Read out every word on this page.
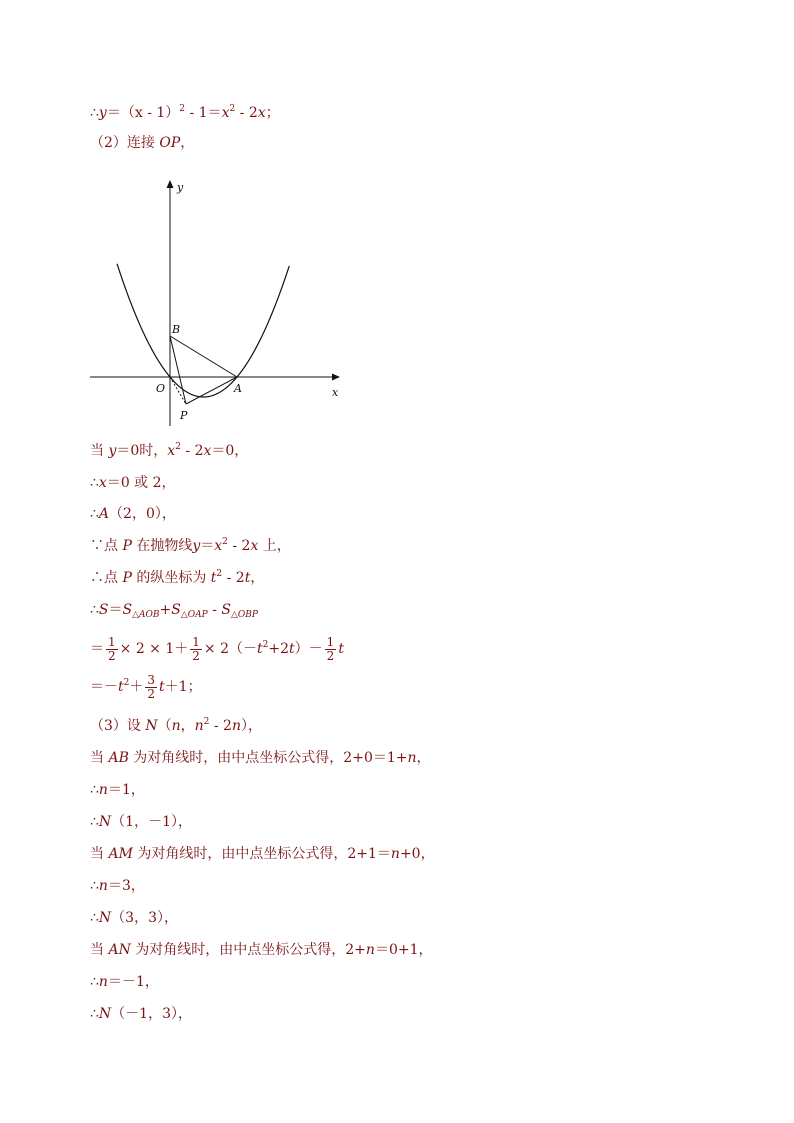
∴y＝（x - $1)^2 - 1=x^2 - 2x$；
（2）连接 OP，
y
x
B
O	A
P
当 y＝0时，$x^2 - 2x=0$，
∴x＝0 或 2，
∴A（2，0），
∵点 P 在抛物线$y=x^2 - 2x$ 上，
∴点 P 的纵坐标为 $t^2 - 2t$，
$\therefore S=S_{\triangle AOB}+S_{\triangle OAP} - S_{\triangle OBP}$
＝ $\frac{1}{2} \times 2 \times 1+ \frac{1}{2} \times 2(-t^2+2t)- \frac{1}{2}$ t
$=-t^2+ \frac{3}{2} t+1$；
（3）设 N（n，$n^2 - 2n$），
当 AB 为对角线时，由中点坐标公式得，2+0＝1+n，
∴n＝1，
∴N（1，－1），
当 AM 为对角线时，由中点坐标公式得，2+1＝n+0，
∴n＝3，
∴N（3，3），
当 AN 为对角线时，由中点坐标公式得，2+n＝0+1，
∴n＝－1，
∴N（－1，3），
